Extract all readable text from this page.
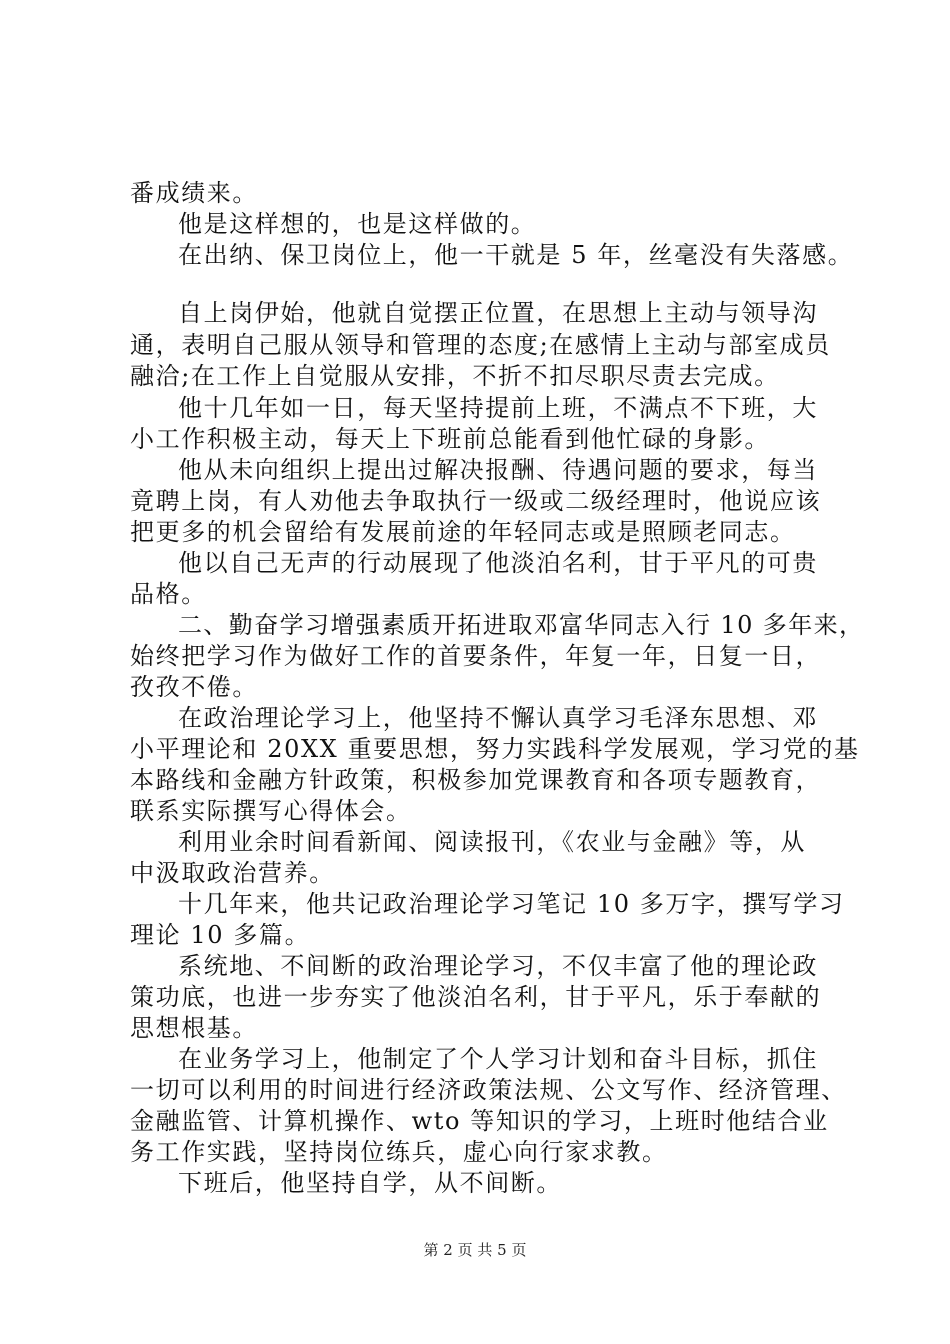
番成绩来。
他是这样想的，也是这样做的。
在出纳、保卫岗位上，他一干就是 5 年，丝毫没有失落感。
自上岗伊始，他就自觉摆正位置，在思想上主动与领导沟
通，表明自己服从领导和管理的态度;在感情上主动与部室成员
融洽;在工作上自觉服从安排，不折不扣尽职尽责去完成。
他十几年如一日，每天坚持提前上班，不满点不下班，大
小工作积极主动，每天上下班前总能看到他忙碌的身影。
他从未向组织上提出过解决报酬、待遇问题的要求，每当
竟聘上岗，有人劝他去争取执行一级或二级经理时，他说应该
把更多的机会留给有发展前途的年轻同志或是照顾老同志。
他以自己无声的行动展现了他淡泊名利，甘于平凡的可贵
品格。
二、勤奋学习增强素质开拓进取邓富华同志入行 10 多年来，
始终把学习作为做好工作的首要条件，年复一年，日复一日，
孜孜不倦。
在政治理论学习上，他坚持不懈认真学习毛泽东思想、邓
小平理论和 20XX 重要思想，努力实践科学发展观，学习党的基
本路线和金融方针政策，积极参加党课教育和各项专题教育，
联系实际撰写心得体会。
利用业余时间看新闻、阅读报刊，《农业与金融》等，从
中汲取政治营养。
十几年来，他共记政治理论学习笔记 10 多万字，撰写学习
理论 10 多篇。
系统地、不间断的政治理论学习，不仅丰富了他的理论政
策功底，也进一步夯实了他淡泊名利，甘于平凡，乐于奉献的
思想根基。
在业务学习上，他制定了个人学习计划和奋斗目标，抓住
一切可以利用的时间进行经济政策法规、公文写作、经济管理、
金融监管、计算机操作、wto 等知识的学习，上班时他结合业
务工作实践，坚持岗位练兵，虚心向行家求教。
下班后，他坚持自学，从不间断。
第 2 页 共 5 页
